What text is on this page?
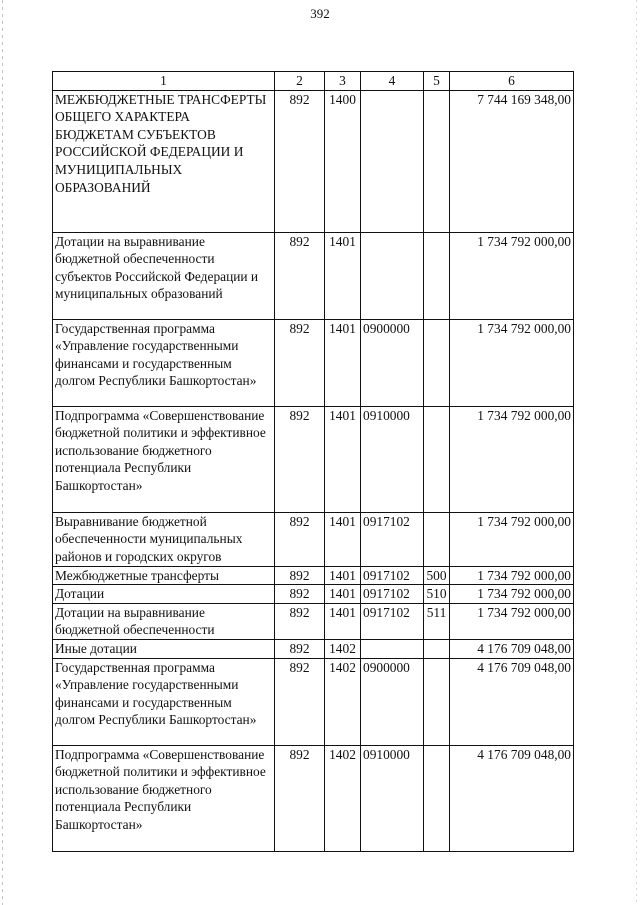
392
1	2	3	4	5	6
МЕЖБЮДЖЕТНЫЕ ТРАНСФЕРТЫ ОБЩЕГО ХАРАКТЕРА БЮДЖЕТАМ СУБЪЕКТОВ РОССИЙСКОЙ ФЕДЕРАЦИИ И МУНИЦИПАЛЬНЫХ ОБРАЗОВАНИЙ	892	1400			7 744 169 348,00
Дотации на выравнивание бюджетной обеспеченности субъектов Российской Федерации и муниципальных образований	892	1401			1 734 792 000,00
Государственная программа «Управление государственными финансами и государственным долгом Республики Башкортостан»	892	1401	0900000		1 734 792 000,00
Подпрограмма «Совершенствование бюджетной политики и эффективное использование бюджетного потенциала Республики Башкортостан»	892	1401	0910000		1 734 792 000,00
Выравнивание бюджетной обеспеченности муниципальных районов и городских округов	892	1401	0917102		1 734 792 000,00
Межбюджетные трансферты	892	1401	0917102	500	1 734 792 000,00
Дотации	892	1401	0917102	510	1 734 792 000,00
Дотации на выравнивание бюджетной обеспеченности	892	1401	0917102	511	1 734 792 000,00
Иные дотации	892	1402			4 176 709 048,00
Государственная программа «Управление государственными финансами и государственным долгом Республики Башкортостан»	892	1402	0900000		4 176 709 048,00
Подпрограмма «Совершенствование бюджетной политики и эффективное использование бюджетного потенциала Республики Башкортостан»	892	1402	0910000		4 176 709 048,00
